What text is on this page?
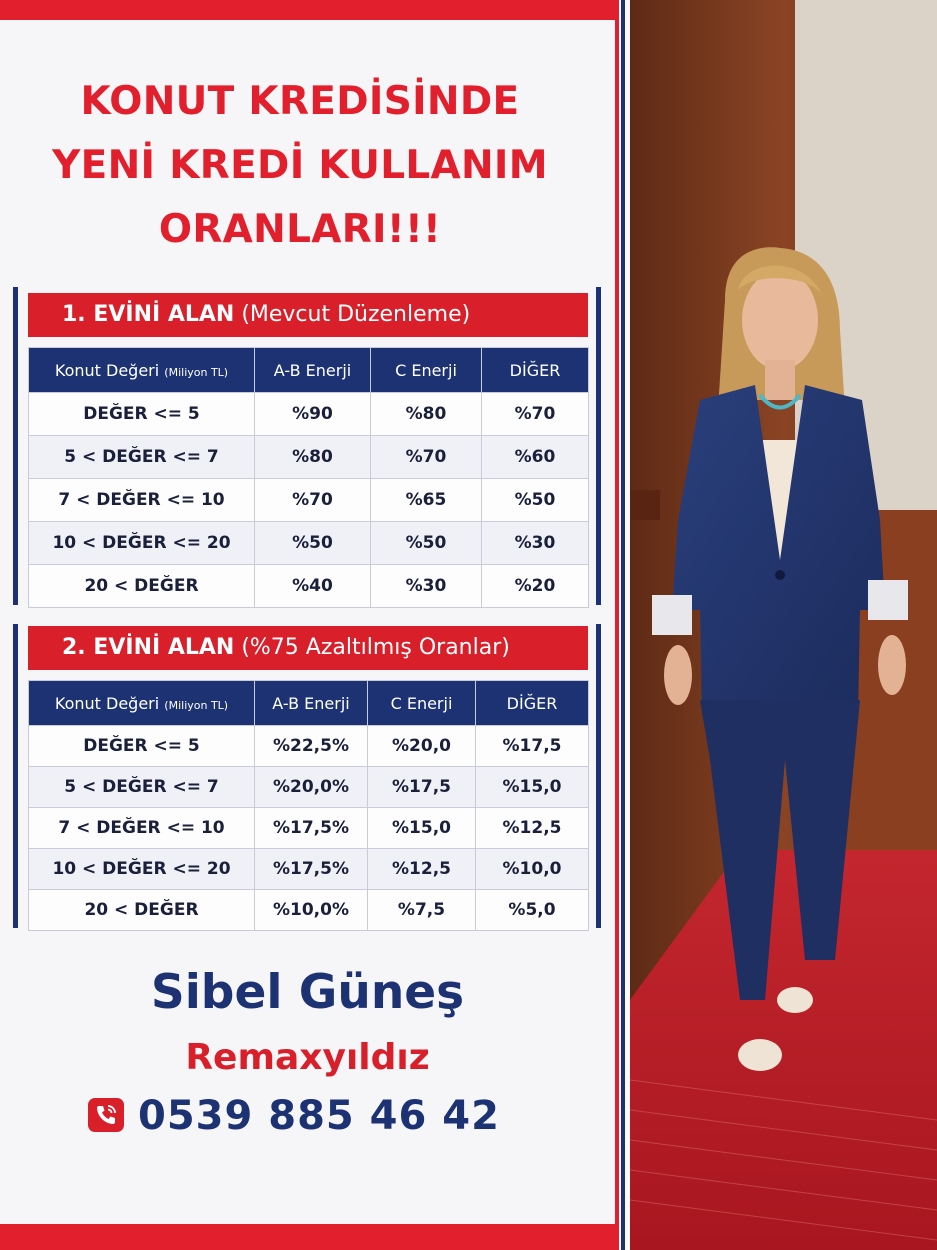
KONUT KREDİSİNDE
YENİ KREDİ KULLANIM
ORANLARI!!!
1. EVİNİ ALAN (Mevcut Düzenleme)
Konut Değeri (Miliyon TL)	A-B Enerji	C Enerji	DİĞER
DEĞER <= 5	%90	%80	%70
5 < DEĞER <= 7	%80	%70	%60
7 < DEĞER <= 10	%70	%65	%50
10 < DEĞER <= 20	%50	%50	%30
20 < DEĞER	%40	%30	%20
2. EVİNİ ALAN (%75 Azaltılmış Oranlar)
Konut Değeri (Miliyon TL)	A-B Enerji	C Enerji	DİĞER
DEĞER <= 5	%22,5%	%20,0	%17,5
5 < DEĞER <= 7	%20,0%	%17,5	%15,0
7 < DEĞER <= 10	%17,5%	%15,0	%12,5
10 < DEĞER <= 20	%17,5%	%12,5	%10,0
20 < DEĞER	%10,0%	%7,5	%5,0
Sibel Güneş
Remaxyıldız
0539 885 46 42
